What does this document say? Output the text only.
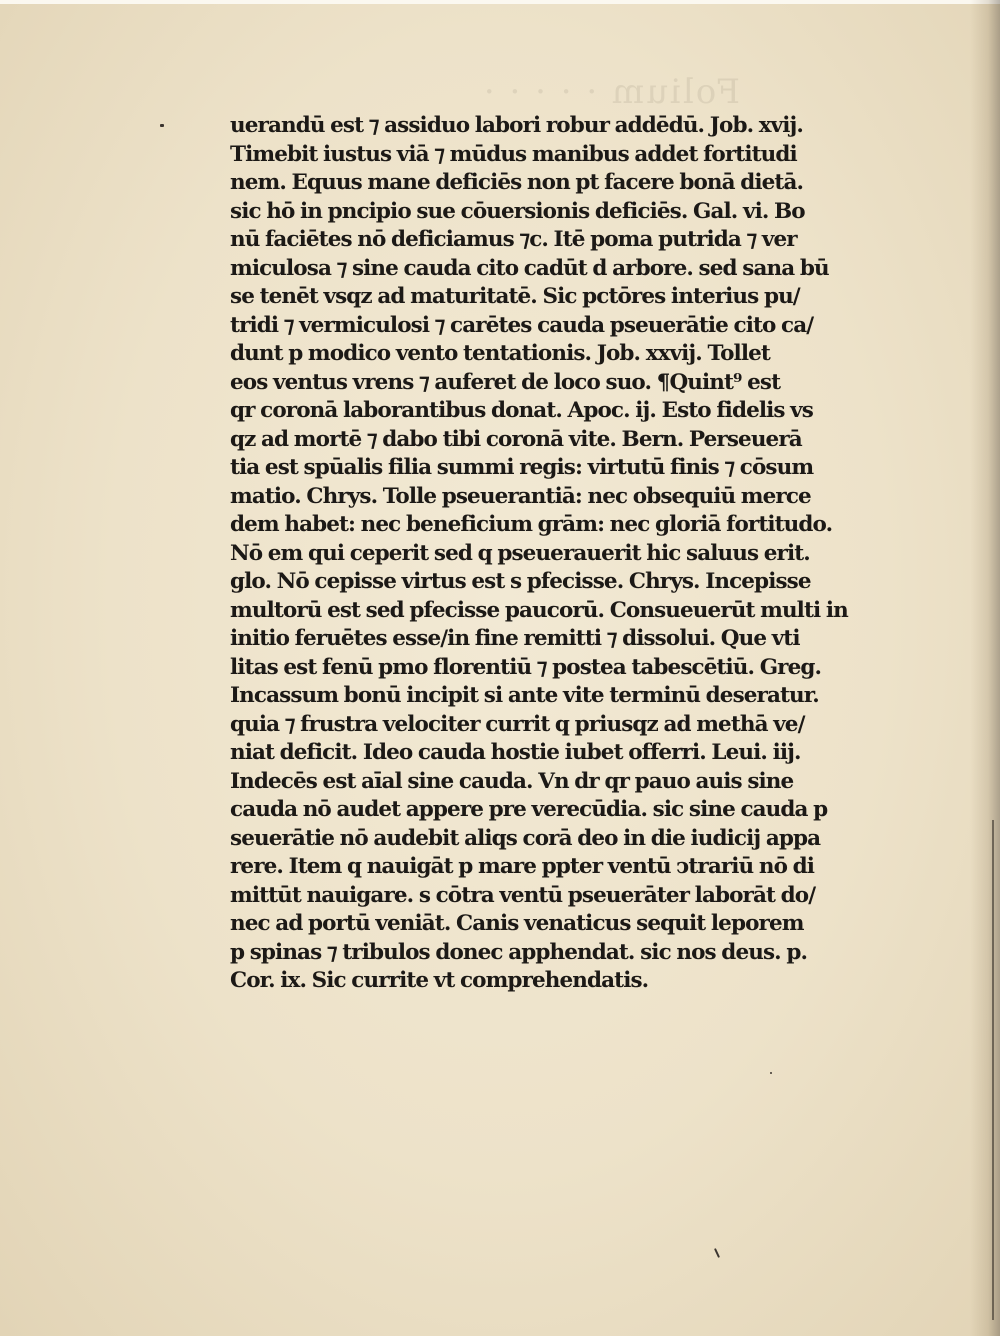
Folium · · · · ·
uerandū est ⁊ assiduo labori robur addēdū. Job. xvij.
Timebit iustus viā ⁊ mūdus manibus addet fortitudi
nem. Equus mane deficiēs non pt facere bonā dietā.
sic hō in pncipio sue cōuersionis deficiēs. Gal. vi. Bo
nū faciētes nō deficiamus ⁊c. Itē poma putrida ⁊ ver
miculosa ⁊ sine cauda cito cadūt d arbore. sed sana bū
se tenēt vsqz ad maturitatē. Sic pctōres interius pu/
tridi ⁊ vermiculosi ⁊ carētes cauda pseuerātie cito ca/
dunt p modico vento tentationis. Job. xxvij. Tollet
eos ventus vrens ⁊ auferet de loco suo. ¶Quint⁹ est
qr coronā laborantibus donat. Apoc. ij. Esto fidelis vs
qz ad mortē ⁊ dabo tibi coronā vite. Bern. Perseuerā
tia est spūalis filia summi regis: virtutū finis ⁊ cōsum
matio. Chrys. Tolle pseuerantiā: nec obsequiū merce
dem habet: nec beneficium grām: nec gloriā fortitudo.
Nō em qui ceperit sed q pseuerauerit hic saluus erit.
glo. Nō cepisse virtus est s pfecisse. Chrys. Incepisse
multorū est sed pfecisse paucorū. Consueuerūt multi in
initio feruētes esse/in fine remitti ⁊ dissolui. Que vti
litas est fenū pmo florentiū ⁊ postea tabescētiū. Greg.
Incassum bonū incipit si ante vite terminū deseratur.
quia ⁊ frustra velociter currit q priusqz ad methā ve/
niat deficit. Ideo cauda hostie iubet offerri. Leui. iij.
Indecēs est aīal sine cauda. Vn dr qr pauo auis sine
cauda nō audet appere pre verecūdia. sic sine cauda p
seuerātie nō audebit aliqs corā deo in die iudicij appa
rere. Item q nauigāt p mare ppter ventū ↄtrariū nō di
mittūt nauigare. s cōtra ventū pseuerāter laborāt do/
nec ad portū veniāt. Canis venaticus sequit leporem
p spinas ⁊ tribulos donec apphendat. sic nos deus. p.
Cor. ix. Sic currite vt comprehendatis.
